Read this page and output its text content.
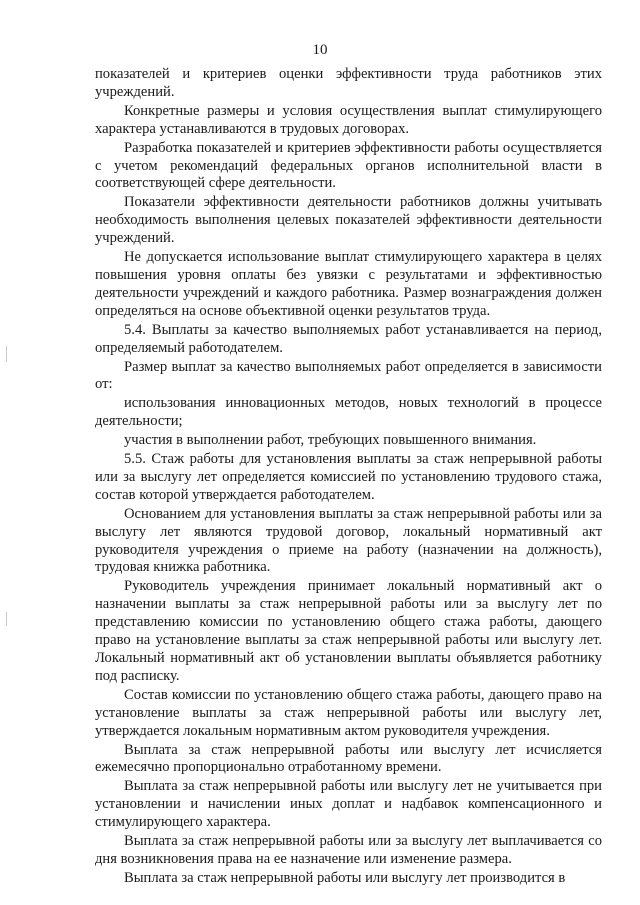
10

показателей и критериев оценки эффективности труда работников этих учреждений.

Конкретные размеры и условия осуществления выплат стимулирующего характера устанавливаются в трудовых договорах.

Разработка показателей и критериев эффективности работы осуществляется с учетом рекомендаций федеральных органов исполнительной власти в соответствующей сфере деятельности.

Показатели эффективности деятельности работников должны учитывать необходимость выполнения целевых показателей эффективности деятельности учреждений.

Не допускается использование выплат стимулирующего характера в целях повышения уровня оплаты без увязки с результатами и эффективностью деятельности учреждений и каждого работника. Размер вознаграждения должен определяться на основе объективной оценки результатов труда.

5.4. Выплаты за качество выполняемых работ устанавливается на период, определяемый работодателем.

Размер выплат за качество выполняемых работ определяется в зависимости от:

использования инновационных методов, новых технологий в процессе деятельности;

участия в выполнении работ, требующих повышенного внимания.

5.5. Стаж работы для установления выплаты за стаж непрерывной работы или за выслугу лет определяется комиссией по установлению трудового стажа, состав которой утверждается работодателем.

Основанием для установления выплаты за стаж непрерывной работы или за выслугу лет являются трудовой договор, локальный нормативный акт руководителя учреждения о приеме на работу (назначении на должность), трудовая книжка работника.

Руководитель учреждения принимает локальный нормативный акт о назначении выплаты за стаж непрерывной работы или за выслугу лет по представлению комиссии по установлению общего стажа работы, дающего право на установление выплаты за стаж непрерывной работы или выслугу лет. Локальный нормативный акт об установлении выплаты объявляется работнику под расписку.

Состав комиссии по установлению общего стажа работы, дающего право на установление выплаты за стаж непрерывной работы или выслугу лет, утверждается локальным нормативным актом руководителя учреждения.

Выплата за стаж непрерывной работы или выслугу лет исчисляется ежемесячно пропорционально отработанному времени.

Выплата за стаж непрерывной работы или выслугу лет не учитывается при установлении и начислении иных доплат и надбавок компенсационного и стимулирующего характера.

Выплата за стаж непрерывной работы или за выслугу лет выплачивается со дня возникновения права на ее назначение или изменение размера.

Выплата за стаж непрерывной работы или выслугу лет производится в
